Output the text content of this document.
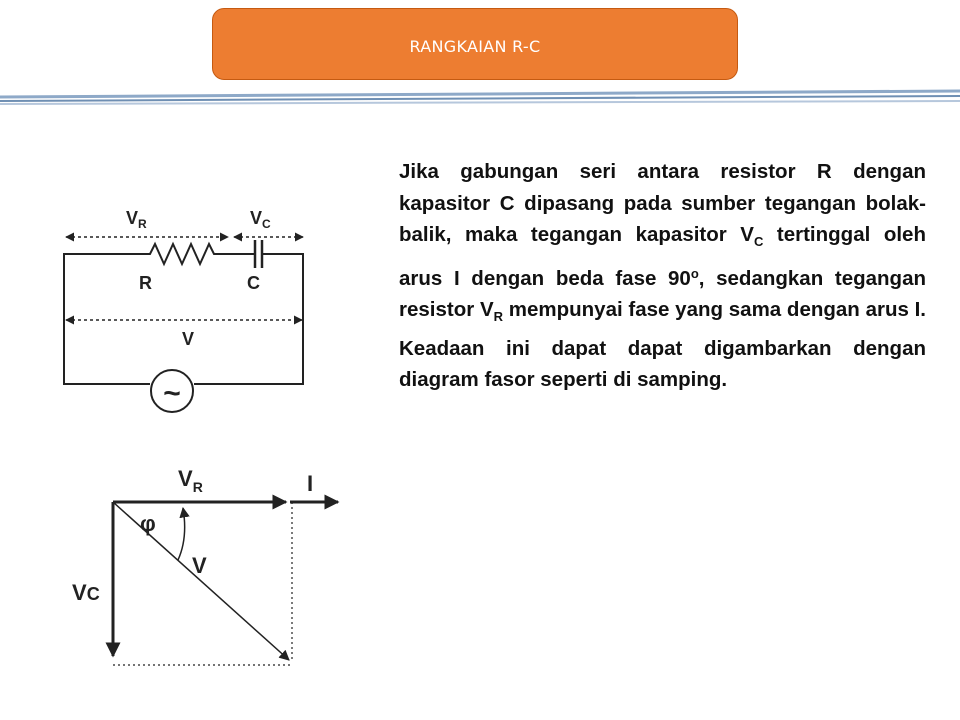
RANGKAIAN R-C
Jika gabungan seri antara resistor R dengan kapasitor C dipasang pada sumber tegangan bolak-balik, maka tegangan kapasitor $V_C$ tertinggal oleh arus I dengan beda fase 90$^o$, sedangkan tegangan resistor $V_R$ mempunyai fase yang sama dengan arus I. Keadaan ini dapat dapat digambarkan dengan diagram fasor seperti di samping.
~
$V_R$	$V_C$
R	C
V
$V_R$	I
φ
V
VC
